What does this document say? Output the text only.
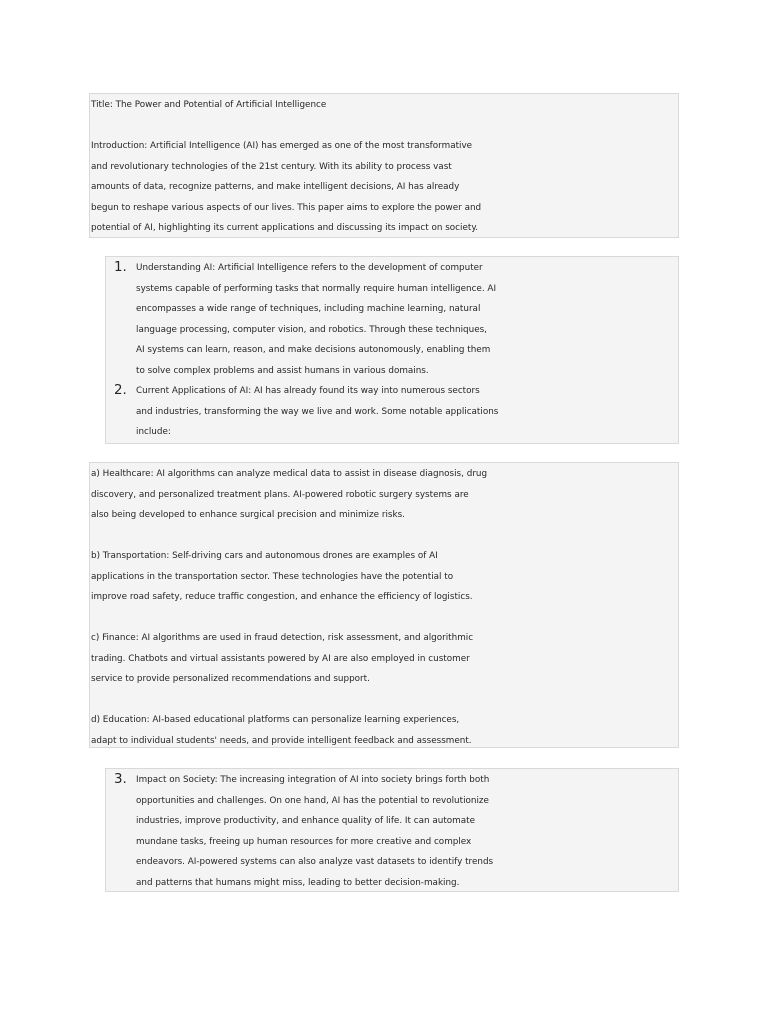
Title: The Power and Potential of Artificial Intelligence

Introduction: Artificial Intelligence (AI) has emerged as one of the most transformative

and revolutionary technologies of the 21st century. With its ability to process vast

amounts of data, recognize patterns, and make intelligent decisions, AI has already

begun to reshape various aspects of our lives. This paper aims to explore the power and

potential of AI, highlighting its current applications and discussing its impact on society.

1. Understanding AI: Artificial Intelligence refers to the development of computer

systems capable of performing tasks that normally require human intelligence. AI

encompasses a wide range of techniques, including machine learning, natural

language processing, computer vision, and robotics. Through these techniques,

AI systems can learn, reason, and make decisions autonomously, enabling them

to solve complex problems and assist humans in various domains.

2. Current Applications of AI: AI has already found its way into numerous sectors

and industries, transforming the way we live and work. Some notable applications

include:

a) Healthcare: AI algorithms can analyze medical data to assist in disease diagnosis, drug

discovery, and personalized treatment plans. AI-powered robotic surgery systems are

also being developed to enhance surgical precision and minimize risks.

b) Transportation: Self-driving cars and autonomous drones are examples of AI

applications in the transportation sector. These technologies have the potential to

improve road safety, reduce traffic congestion, and enhance the efficiency of logistics.

c) Finance: AI algorithms are used in fraud detection, risk assessment, and algorithmic

trading. Chatbots and virtual assistants powered by AI are also employed in customer

service to provide personalized recommendations and support.

d) Education: AI-based educational platforms can personalize learning experiences,

adapt to individual students' needs, and provide intelligent feedback and assessment.

3. Impact on Society: The increasing integration of AI into society brings forth both

opportunities and challenges. On one hand, AI has the potential to revolutionize

industries, improve productivity, and enhance quality of life. It can automate

mundane tasks, freeing up human resources for more creative and complex

endeavors. AI-powered systems can also analyze vast datasets to identify trends

and patterns that humans might miss, leading to better decision-making.
